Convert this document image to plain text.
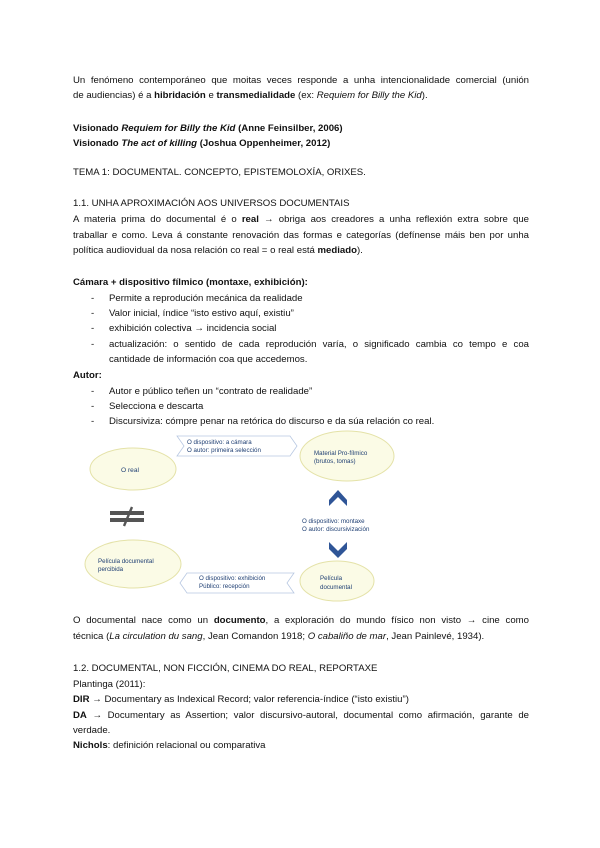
Un fenómeno contemporáneo que moitas veces responde a unha intencionalidade comercial (unión
de audiencias) é a hibridación e transmedialidade (ex: Requiem for Billy the Kid).
Visionado Requiem for Billy the Kid (Anne Feinsilber, 2006)
Visionado The act of killing (Joshua Oppenheimer, 2012)
TEMA 1: DOCUMENTAL. CONCEPTO, EPISTEMOLOXÍA, ORIXES.
1.1. UNHA APROXIMACIÓN AOS UNIVERSOS DOCUMENTAIS
A materia prima do documental é o real → obriga aos creadores a unha reflexión extra sobre que
traballar e como. Leva á constante renovación das formas e categorías (defínense máis ben por unha
política audiovidual da nosa relación co real = o real está mediado).
Cámara + dispositivo fílmico (montaxe, exhibición):
- Permite a reprodución mecánica da realidade
- Valor inicial, índice “isto estivo aquí, existiu”
- exhibición colectiva → incidencia social
- actualización: o sentido de cada reprodución varía, o significado cambia co tempo e coa
cantidade de información coa que accedemos.
Autor:
- Autor e público teñen un “contrato de realidade”
- Selecciona e descarta
- Discursiviza: cómpre penar na retórica do discurso e da súa relación co real.
O real
O dispositivo: a cámara
O autor: primeira selección	Material Pro-fílmico
(brutos, tomas)
O dispositivo: montaxe
O autor: discursivización
Película documental
percibida
O dispositivo: exhibición
Público: recepción
Película
documental
O documental nace como un documento, a exploración do mundo físico non visto → cine como
técnica (La circulation du sang, Jean Comandon 1918; O cabaliño de mar, Jean Painlevé, 1934).
1.2. DOCUMENTAL, NON FICCIÓN, CINEMA DO REAL, REPORTAXE
Plantinga (2011):
DIR → Documentary as Indexical Record; valor referencia-índice (“isto existiu”)
DA → Documentary as Assertion; valor discursivo-autoral, documental como afirmación, garante de
verdade.
Nichols: definición relacional ou comparativa
